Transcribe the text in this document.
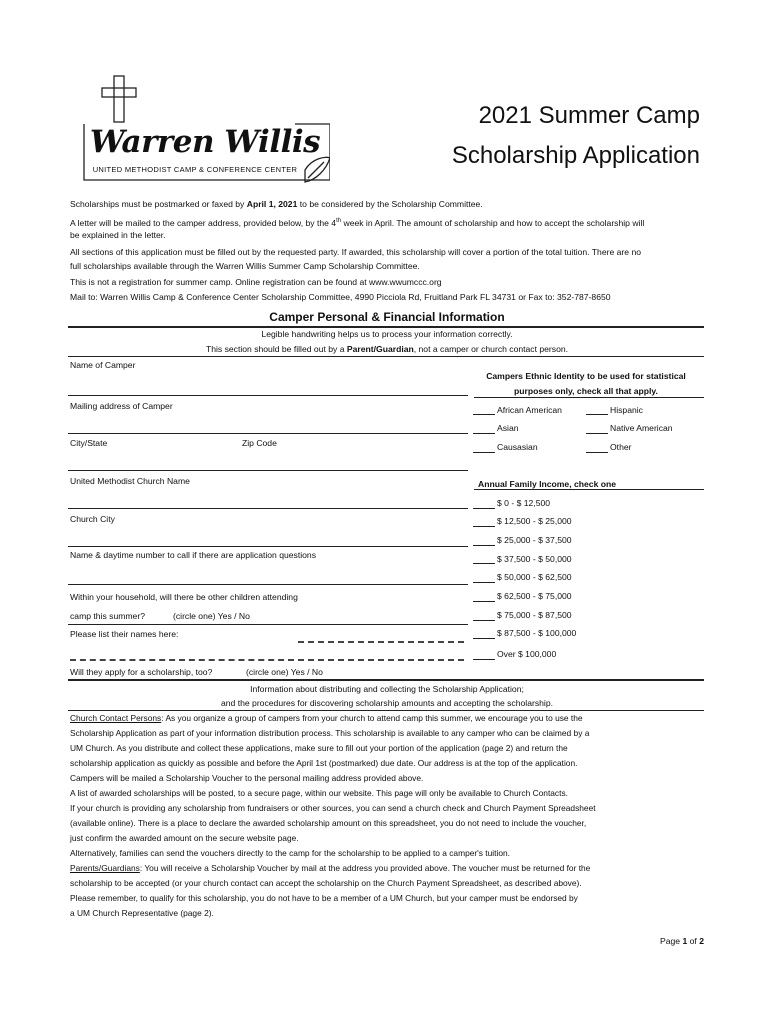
Warren Willis
UNITED METHODIST CAMP & CONFERENCE CENTER
2021 Summer Camp
Scholarship Application
Scholarships must be postmarked or faxed by April 1, 2021 to be considered by the Scholarship Committee.
A letter will be mailed to the camper address, provided below, by the 4th week in April. The amount of scholarship and how to accept the scholarship will
be explained in the letter.
All sections of this application must be filled out by the requested party. If awarded, this scholarship will cover a portion of the total tuition. There are no
full scholarships available through the Warren Willis Summer Camp Scholarship Committee.
This is not a registration for summer camp. Online registration can be found at www.wwumccc.org
Mail to: Warren Willis Camp & Conference Center Scholarship Committee, 4990 Picciola Rd, Fruitland Park FL 34731 or Fax to: 352-787-8650
Camper Personal & Financial Information
Legible handwriting helps us to process your information correctly.
This section should be filled out by a Parent/Guardian, not a camper or church contact person.
Name of Camper
Mailing address of Camper
City/State	Zip Code
United Methodist Church Name
Church City
Name & daytime number to call if there are application questions
Within your household, will there be other children attending
camp this summer?	(circle one) Yes / No
Please list their names here:
Will they apply for a scholarship, too?	(circle one) Yes / No
Campers Ethnic Identity to be used for statistical
purposes only, check all that apply.
African American	Hispanic
Asian	Native American
Causasian	Other
Annual Family Income, check one
$ 0 - $ 12,500
$ 12,500 - $ 25,000
$ 25,000 - $ 37,500
$ 37,500 - $ 50,000
$ 50,000 - $ 62,500
$ 62,500 - $ 75,000
$ 75,000 - $ 87,500
$ 87,500 - $ 100,000
Over $ 100,000
Information about distributing and collecting the Scholarship Application;
and the procedures for discovering scholarship amounts and accepting the scholarship.
Church Contact Persons: As you organize a group of campers from your church to attend camp this summer, we encourage you to use the
Scholarship Application as part of your information distribution process. This scholarship is available to any camper who can be claimed by a
UM Church. As you distribute and collect these applications, make sure to fill out your portion of the application (page 2) and return the
scholarship application as quickly as possible and before the April 1st (postmarked) due date. Our address is at the top of the application.
Campers will be mailed a Scholarship Voucher to the personal mailing address provided above.
A list of awarded scholarships will be posted, to a secure page, within our website. This page will only be available to Church Contacts.
If your church is providing any scholarship from fundraisers or other sources, you can send a church check and Church Payment Spreadsheet
(available online). There is a place to declare the awarded scholarship amount on this spreadsheet, you do not need to include the voucher,
just confirm the awarded amount on the secure website page.
Alternatively, families can send the vouchers directly to the camp for the scholarship to be applied to a camper's tuition.
Parents/Guardians: You will receive a Scholarship Voucher by mail at the address you provided above. The voucher must be returned for the
scholarship to be accepted (or your church contact can accept the scholarship on the Church Payment Spreadsheet, as described above).
Please remember, to qualify for this scholarship, you do not have to be a member of a UM Church, but your camper must be endorsed by
a UM Church Representative (page 2).
Page 1 of 2
